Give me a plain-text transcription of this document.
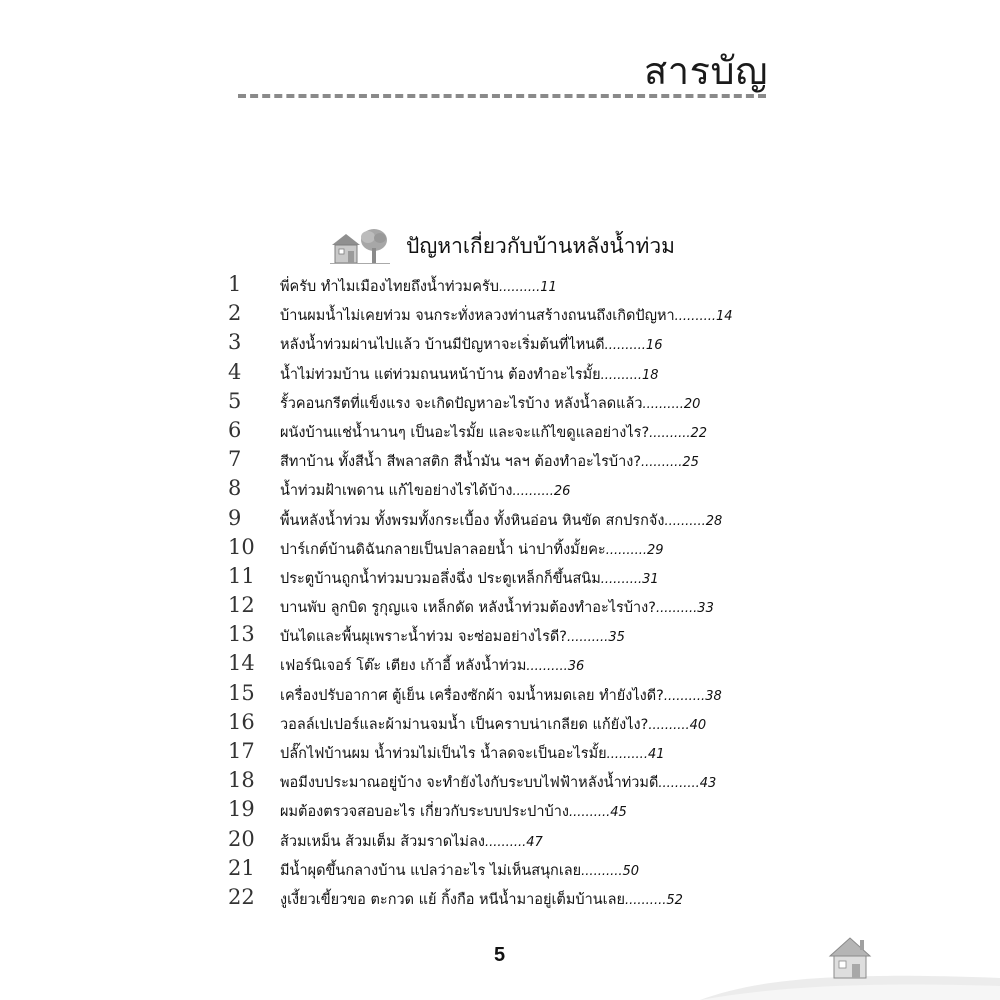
สารบัญ
ปัญหาเกี่ยวกับบ้านหลังน้ำท่วม
1	พี่ครับ ทำไมเมืองไทยถึงน้ำท่วมครับ .......... 11
2	บ้านผมน้ำไม่เคยท่วม จนกระทั่งหลวงท่านสร้างถนนถึงเกิดปัญหา .......... 14
3	หลังน้ำท่วมผ่านไปแล้ว บ้านมีปัญหาจะเริ่มต้นที่ไหนดี .......... 16
4	น้ำไม่ท่วมบ้าน แต่ท่วมถนนหน้าบ้าน ต้องทำอะไรมั้ย .......... 18
5	รั้วคอนกรีตที่แข็งแรง จะเกิดปัญหาอะไรบ้าง หลังน้ำลดแล้ว .......... 20
6	ผนังบ้านแช่น้ำนานๆ เป็นอะไรมั้ย และจะแก้ไขดูแลอย่างไร? .......... 22
7	สีทาบ้าน ทั้งสีน้ำ สีพลาสติก สีน้ำมัน ฯลฯ ต้องทำอะไรบ้าง? .......... 25
8	น้ำท่วมฝ้าเพดาน แก้ไขอย่างไรได้บ้าง .......... 26
9	พื้นหลังน้ำท่วม ทั้งพรมทั้งกระเบื้อง ทั้งหินอ่อน หินขัด สกปรกจัง .......... 28
10	ปาร์เกต์บ้านดิฉันกลายเป็นปลาลอยน้ำ น่าปาทิ้งมั้ยคะ .......... 29
11	ประตูบ้านถูกน้ำท่วมบวมอลึ่งฉึ่ง ประตูเหล็กก็ขึ้นสนิม .......... 31
12	บานพับ ลูกบิด รูกุญแจ เหล็กดัด หลังน้ำท่วมต้องทำอะไรบ้าง? .......... 33
13	บันไดและพื้นผุเพราะน้ำท่วม จะซ่อมอย่างไรดี? .......... 35
14	เฟอร์นิเจอร์ โต๊ะ เตียง เก้าอี้ หลังน้ำท่วม .......... 36
15	เครื่องปรับอากาศ ตู้เย็น เครื่องซักผ้า จมน้ำหมดเลย ทำยังไงดี? .......... 38
16	วอลล์เปเปอร์และผ้าม่านจมน้ำ เป็นคราบน่าเกลียด แก้ยังไง? .......... 40
17	ปลั๊กไฟบ้านผม น้ำท่วมไม่เป็นไร น้ำลดจะเป็นอะไรมั้ย .......... 41
18	พอมีงบประมาณอยู่บ้าง จะทำยังไงกับระบบไฟฟ้าหลังน้ำท่วมดี .......... 43
19	ผมต้องตรวจสอบอะไร เกี่ยวกับระบบประปาบ้าง .......... 45
20	ส้วมเหม็น ส้วมเต็ม ส้วมราดไม่ลง .......... 47
21	มีน้ำผุดขึ้นกลางบ้าน แปลว่าอะไร ไม่เห็นสนุกเลย .......... 50
22	งูเงี้ยวเขี้ยวขอ ตะกวด แย้ กิ้งกือ หนีน้ำมาอยู่เต็มบ้านเลย .......... 52
5
